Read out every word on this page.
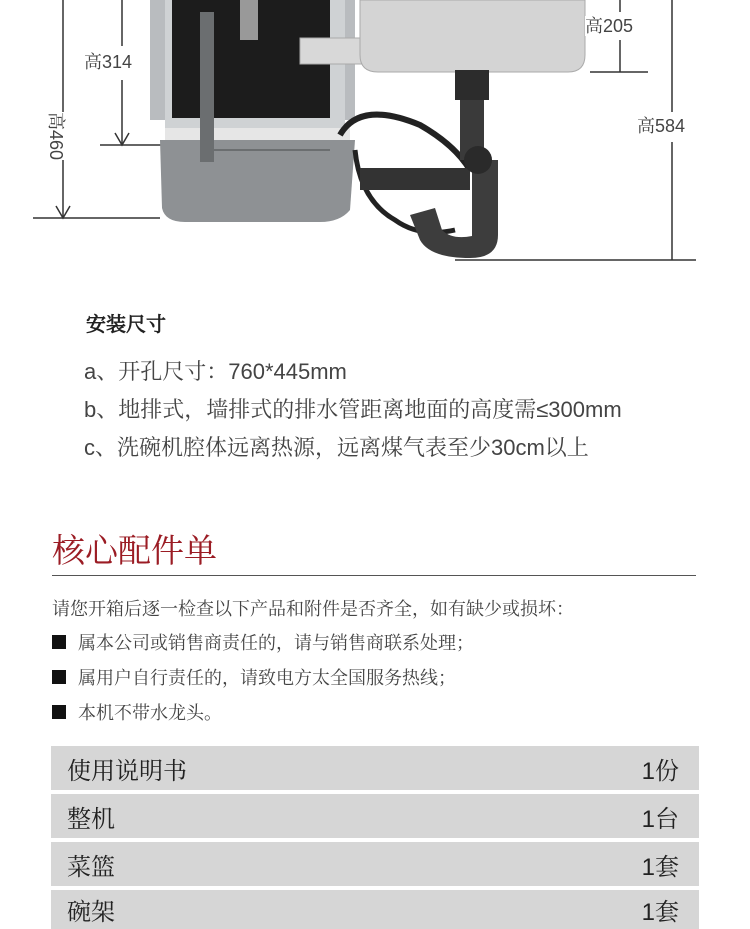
高314
高460
高205
高584
安装尺寸
a、开孔尺寸：760*445mm
b、地排式，墙排式的排水管距离地面的高度需≤300mm
c、洗碗机腔体远离热源，远离煤气表至少30cm以上
核心配件单
请您开箱后逐一检查以下产品和附件是否齐全，如有缺少或损坏：
属本公司或销售商责任的，请与销售商联系处理；
属用户自行责任的，请致电方太全国服务热线；
本机不带水龙头。
使用说明书	1份
整机	1台
菜篮	1套
碗架	1套
